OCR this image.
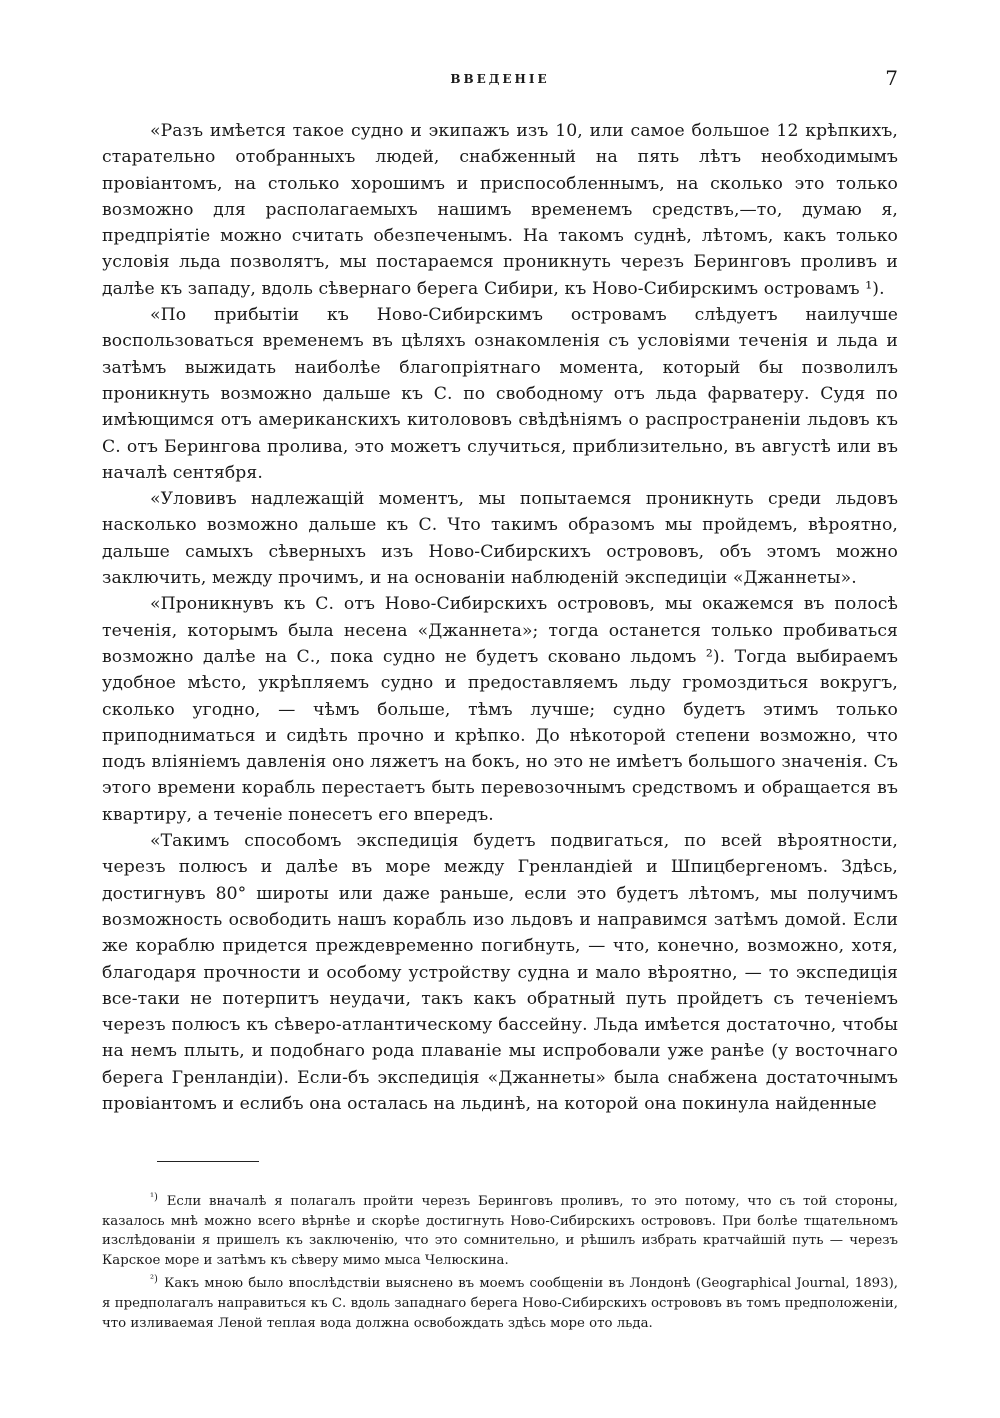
ВВЕДЕНІЕ	7

«Разъ имѣется такое судно и экипажъ изъ 10, или самое большое 12 крѣпкихъ, старательно отобранныхъ людей, снабженный на пять лѣтъ необходимымъ провіантомъ, на столько хорошимъ и приспособленнымъ, на сколько это только возможно для располагаемыхъ нашимъ временемъ средствъ,—то, думаю я, предпріятіе можно считать обезпеченымъ. На такомъ суднѣ, лѣтомъ, какъ только условія льда позволятъ, мы постараемся проникнуть черезъ Беринговъ проливъ и далѣе къ западу, вдоль сѣвернаго берега Сибири, къ Ново-Сибирскимъ островамъ ¹).

«По прибытіи къ Ново-Сибирскимъ островамъ слѣдуетъ наилучше воспользоваться временемъ въ цѣляхъ ознакомленія съ условіями теченія и льда и затѣмъ выжидать наиболѣе благопріятнаго момента, который бы позволилъ проникнуть возможно дальше къ С. по свободному отъ льда фарватеру. Судя по имѣющимся отъ американскихъ китолововъ свѣдѣніямъ о распространеніи льдовъ къ С. отъ Берингова пролива, это можетъ случиться, приблизительно, въ августѣ или въ началѣ сентября.

«Уловивъ надлежащій моментъ, мы попытаемся проникнуть среди льдовъ насколько возможно дальше къ С. Что такимъ образомъ мы пройдемъ, вѣроятно, дальше самыхъ сѣверныхъ изъ Ново-Сибирскихъ острововъ, объ этомъ можно заключить, между прочимъ, и на основаніи наблюденій экспедиціи «Джаннеты».

«Проникнувъ къ С. отъ Ново-Сибирскихъ острововъ, мы окажемся въ полосѣ теченія, которымъ была несена «Джаннета»; тогда останется только пробиваться возможно далѣе на С., пока судно не будетъ сковано льдомъ ²). Тогда выбираемъ удобное мѣсто, укрѣпляемъ судно и предоставляемъ льду громоздиться вокругъ, сколько угодно, — чѣмъ больше, тѣмъ лучше; судно будетъ этимъ только приподниматься и сидѣть прочно и крѣпко. До нѣкоторой степени возможно, что подъ вліяніемъ давленія оно ляжетъ на бокъ, но это не имѣетъ большого значенія. Съ этого времени корабль перестаетъ быть перевозочнымъ средствомъ и обращается въ квартиру, а теченіе понесетъ его впередъ.

«Такимъ способомъ экспедиція будетъ подвигаться, по всей вѣроятности, черезъ полюсъ и далѣе въ море между Гренландіей и Шпицбергеномъ. Здѣсь, достигнувъ 80° широты или даже раньше, если это будетъ лѣтомъ, мы получимъ возможность освободить нашъ корабль изо льдовъ и направимся затѣмъ домой. Если же кораблю придется преждевременно погибнуть, — что, конечно, возможно, хотя, благодаря прочности и особому устройству судна и мало вѣроятно, — то экспедиція все-таки не потерпитъ неудачи, такъ какъ обратный путь пройдетъ съ теченіемъ черезъ полюсъ къ сѣверо-атлантическому бассейну. Льда имѣется достаточно, чтобы на немъ плыть, и подобнаго рода плаваніе мы испробовали уже ранѣе (у восточнаго берега Гренландіи). Если-бъ экспедиція «Джаннеты» была снабжена достаточнымъ провіантомъ и еслибъ она осталась на льдинѣ, на которой она покинула найденные

$^{^1)}$ Если вначалѣ я полагалъ пройти черезъ Беринговъ проливъ, то это потому, что съ той стороны, казалось мнѣ можно всего вѣрнѣе и скорѣе достигнуть Ново-Сибирскихъ острововъ. При болѣе тщательномъ изслѣдованіи я пришелъ къ заключенію, что это сомнительно, и рѣшилъ избрать кратчайшій путь — черезъ Карское море и затѣмъ къ сѣверу мимо мыса Челюскина.

$^{^2)}$ Какъ мною было впослѣдствіи выяснено въ моемъ сообщеніи въ Лондонѣ (Geographical Journal, 1893), я предполагалъ направиться къ С. вдоль западнаго берега Ново-Сибирскихъ острововъ въ томъ предположеніи, что изливаемая Леной теплая вода должна освобождать здѣсь море ото льда.
